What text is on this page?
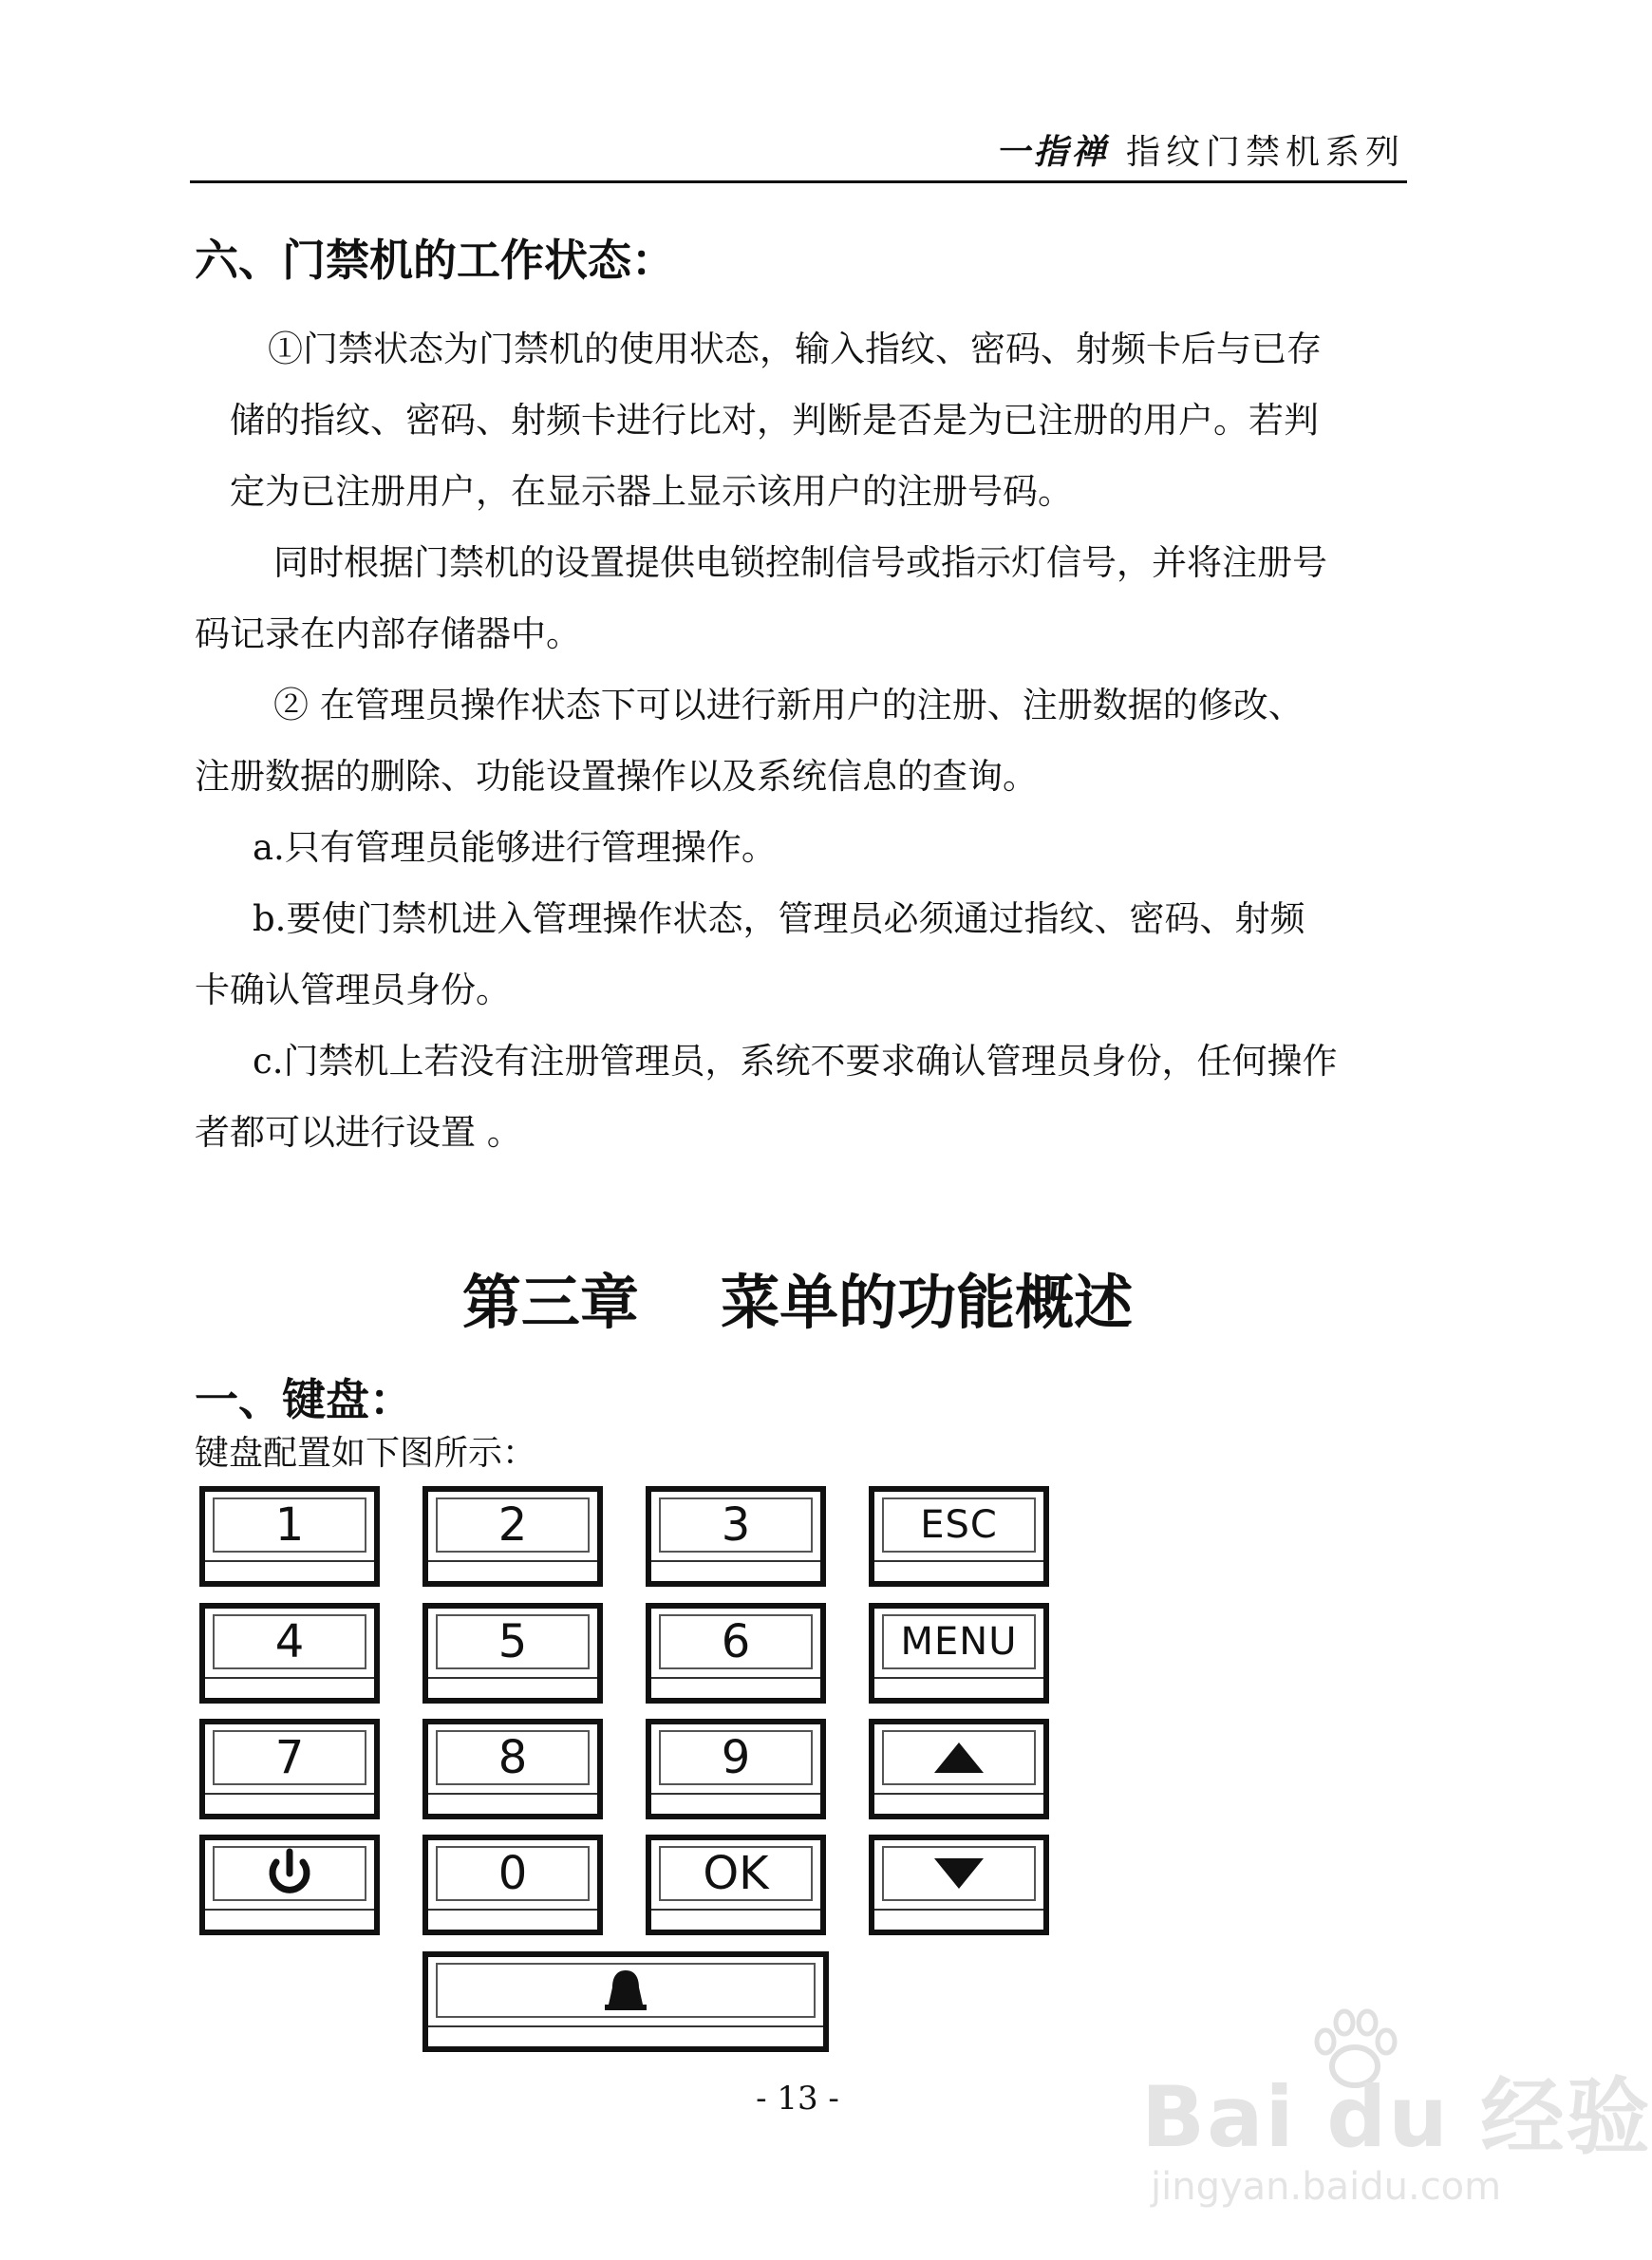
一指禅 指纹门禁机系列
六、门禁机的工作状态：
①门禁状态为门禁机的使用状态，输入指纹、密码、射频卡后与已存
储的指纹、密码、射频卡进行比对，判断是否是为已注册的用户。若判
定为已注册用户，在显示器上显示该用户的注册号码。
同时根据门禁机的设置提供电锁控制信号或指示灯信号，并将注册号
码记录在内部存储器中。
② 在管理员操作状态下可以进行新用户的注册、注册数据的修改、
注册数据的删除、功能设置操作以及系统信息的查询。
a.只有管理员能够进行管理操作。
b.要使门禁机进入管理操作状态，管理员必须通过指纹、密码、射频
卡确认管理员身份。
c.门禁机上若没有注册管理员，系统不要求确认管理员身份，任何操作
者都可以进行设置 。
第三章    菜单的功能概述
一、键盘：
键盘配置如下图所示：
1	2	3	ESC
4	5	6	MENU
7	8	9
0	OK
- 13 -	Bai du 经验
jingyan.baidu.com
